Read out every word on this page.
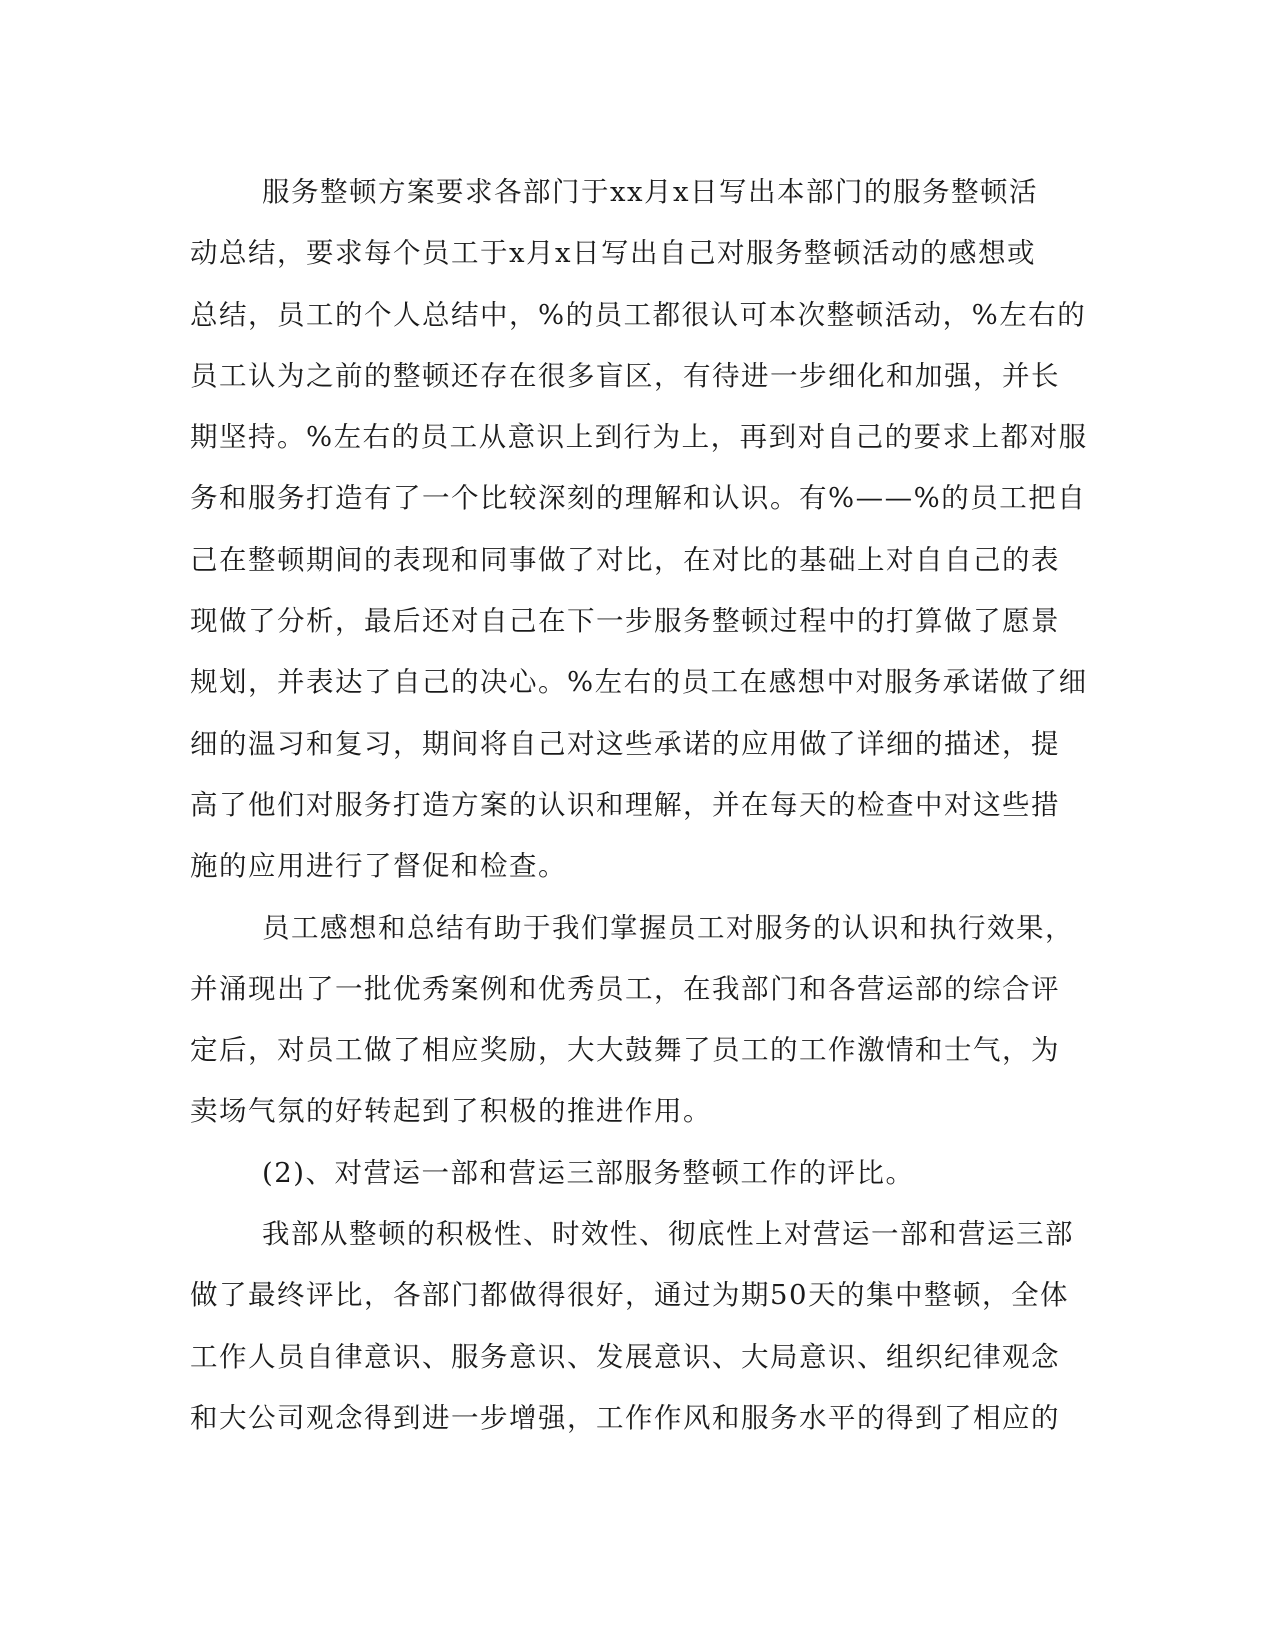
服务整顿方案要求各部门于xx月x日写出本部门的服务整顿活
动总结，要求每个员工于x月x日写出自己对服务整顿活动的感想或
总结，员工的个人总结中，%的员工都很认可本次整顿活动，%左右的
员工认为之前的整顿还存在很多盲区，有待进一步细化和加强，并长
期坚持。%左右的员工从意识上到行为上，再到对自己的要求上都对服
务和服务打造有了一个比较深刻的理解和认识。有%——%的员工把自
己在整顿期间的表现和同事做了对比，在对比的基础上对自自己的表
现做了分析，最后还对自己在下一步服务整顿过程中的打算做了愿景
规划，并表达了自己的决心。%左右的员工在感想中对服务承诺做了细
细的温习和复习，期间将自己对这些承诺的应用做了详细的描述，提
高了他们对服务打造方案的认识和理解，并在每天的检查中对这些措
施的应用进行了督促和检查。
员工感想和总结有助于我们掌握员工对服务的认识和执行效果，
并涌现出了一批优秀案例和优秀员工，在我部门和各营运部的综合评
定后，对员工做了相应奖励，大大鼓舞了员工的工作激情和士气，为
卖场气氛的好转起到了积极的推进作用。
(2)、对营运一部和营运三部服务整顿工作的评比。
我部从整顿的积极性、时效性、彻底性上对营运一部和营运三部
做了最终评比，各部门都做得很好，通过为期50天的集中整顿，全体
工作人员自律意识、服务意识、发展意识、大局意识、组织纪律观念
和大公司观念得到进一步增强，工作作风和服务水平的得到了相应的
